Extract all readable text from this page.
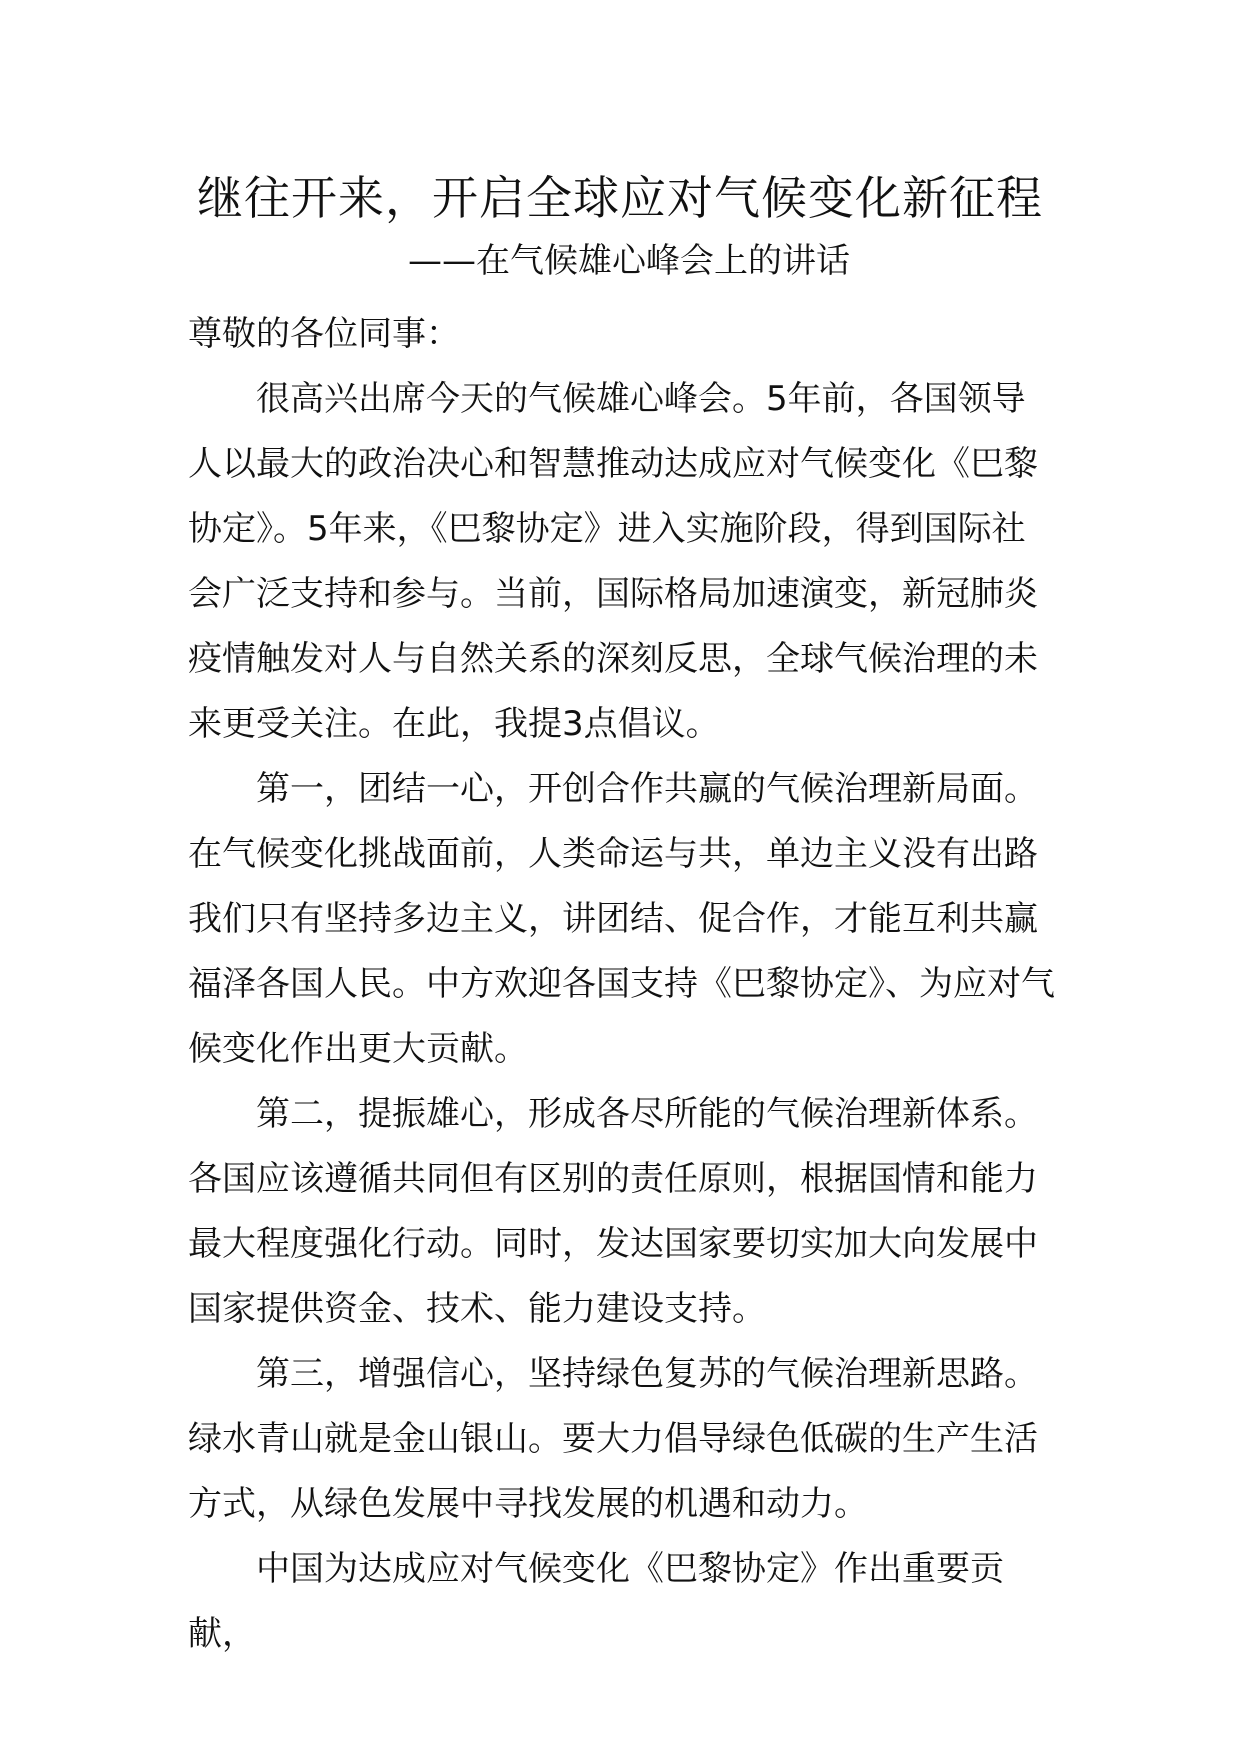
继往开来，开启全球应对气候变化新征程
——在气候雄心峰会上的讲话

尊敬的各位同事：

很高兴出席今天的气候雄心峰会。5年前，各国领导人以最大的政治决心和智慧推动达成应对气候变化《巴黎协定》。5年来，《巴黎协定》进入实施阶段，得到国际社会广泛支持和参与。当前，国际格局加速演变，新冠肺炎疫情触发对人与自然关系的深刻反思，全球气候治理的未来更受关注。在此，我提3点倡议。

第一，团结一心，开创合作共赢的气候治理新局面。在气候变化挑战面前，人类命运与共，单边主义没有出路我们只有坚持多边主义，讲团结、促合作，才能互利共赢福泽各国人民。中方欢迎各国支持《巴黎协定》、为应对气候变化作出更大贡献。

第二，提振雄心，形成各尽所能的气候治理新体系。各国应该遵循共同但有区别的责任原则，根据国情和能力最大程度强化行动。同时，发达国家要切实加大向发展中国家提供资金、技术、能力建设支持。

第三，增强信心，坚持绿色复苏的气候治理新思路。绿水青山就是金山银山。要大力倡导绿色低碳的生产生活方式，从绿色发展中寻找发展的机遇和动力。

中国为达成应对气候变化《巴黎协定》作出重要贡献，
